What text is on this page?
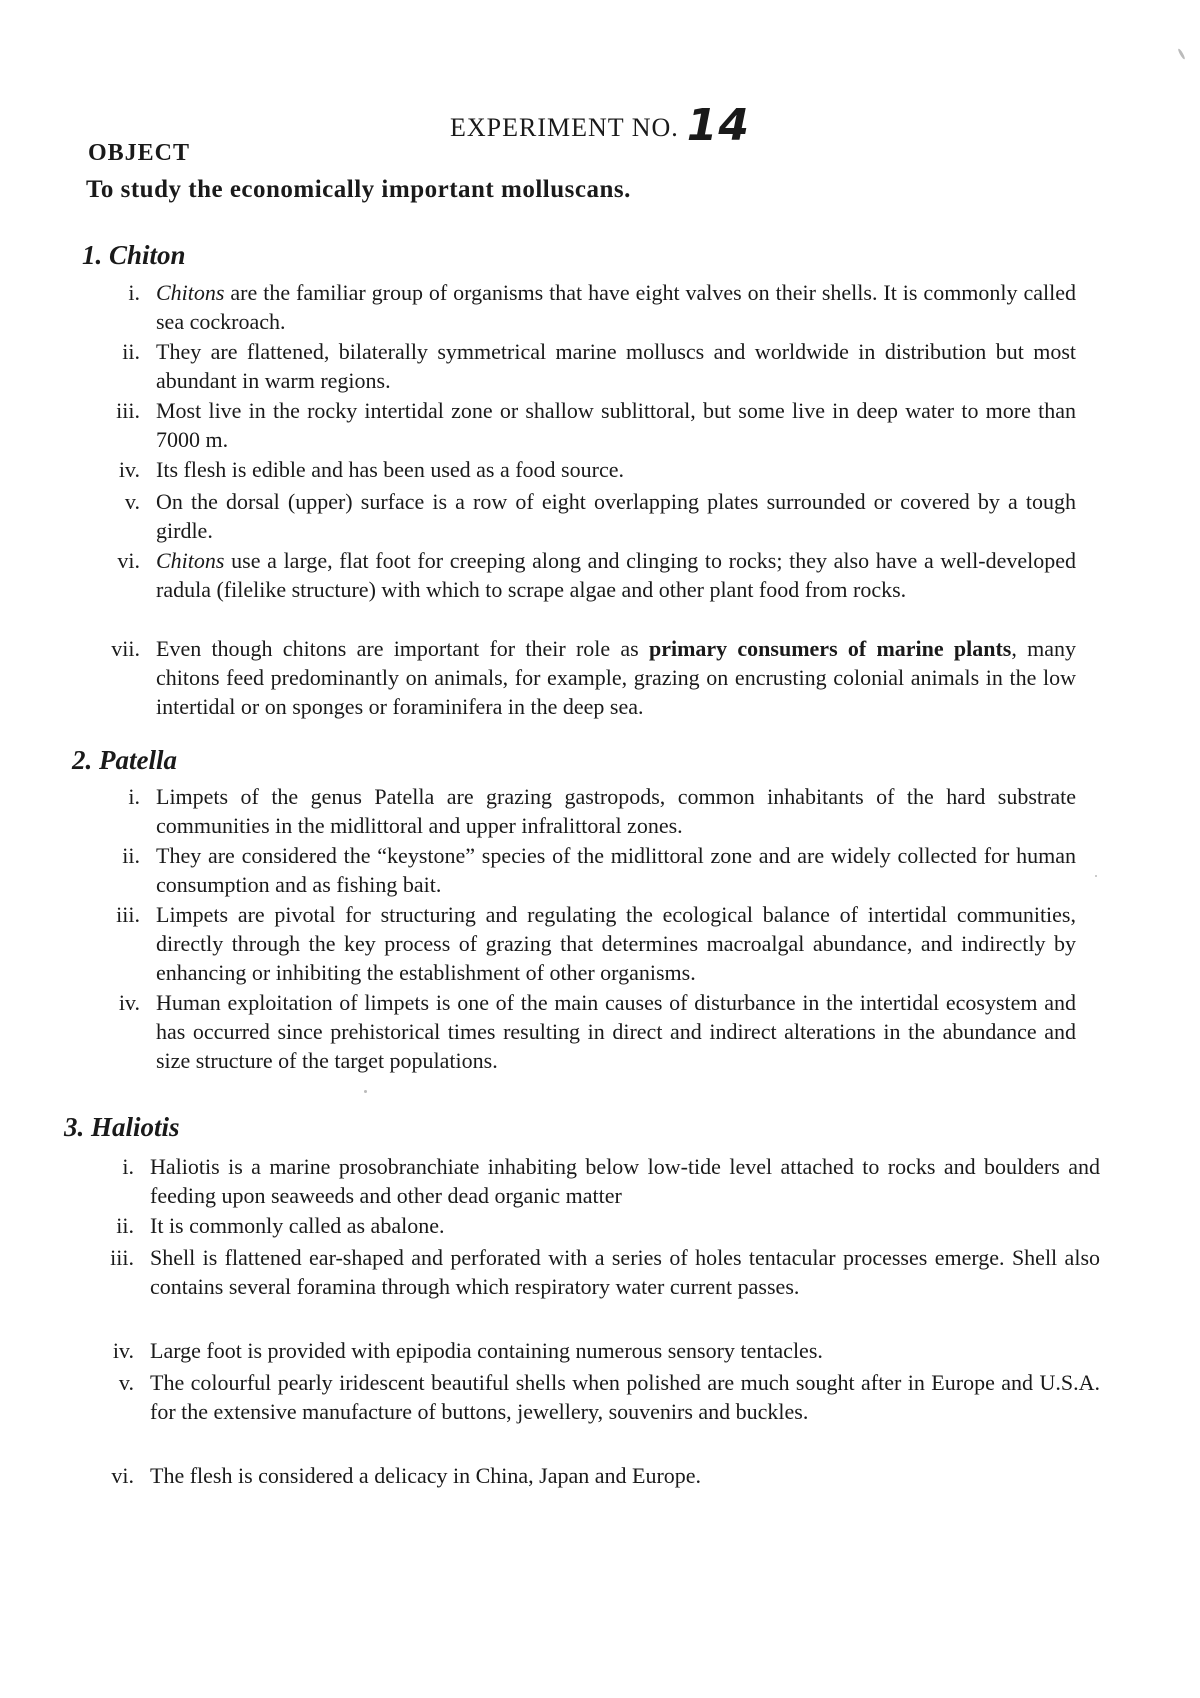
EXPERIMENT NO. 14
OBJECT
To study the economically important molluscans.
1. Chiton
i. Chitons are the familiar group of organisms that have eight valves on their shells. It is commonly called sea cockroach.
ii. They are flattened, bilaterally symmetrical marine molluscs and worldwide in distribution but most abundant in warm regions.
iii. Most live in the rocky intertidal zone or shallow sublittoral, but some live in deep water to more than 7000 m.
iv. Its flesh is edible and has been used as a food source.
v. On the dorsal (upper) surface is a row of eight overlapping plates surrounded or covered by a tough girdle.
vi. Chitons use a large, flat foot for creeping along and clinging to rocks; they also have a well-developed radula (filelike structure) with which to scrape algae and other plant food from rocks.
vii. Even though chitons are important for their role as primary consumers of marine plants, many chitons feed predominantly on animals, for example, grazing on encrusting colonial animals in the low intertidal or on sponges or foraminifera in the deep sea.
2. Patella
i. Limpets of the genus Patella are grazing gastropods, common inhabitants of the hard substrate communities in the midlittoral and upper infralittoral zones.
ii. They are considered the “keystone” species of the midlittoral zone and are widely collected for human consumption and as fishing bait.
iii. Limpets are pivotal for structuring and regulating the ecological balance of intertidal communities, directly through the key process of grazing that determines macroalgal abundance, and indirectly by enhancing or inhibiting the establishment of other organisms.
iv. Human exploitation of limpets is one of the main causes of disturbance in the intertidal ecosystem and has occurred since prehistorical times resulting in direct and indirect alterations in the abundance and size structure of the target populations.
3. Haliotis
i. Haliotis is a marine prosobranchiate inhabiting below low-tide level attached to rocks and boulders and feeding upon seaweeds and other dead organic matter
ii. It is commonly called as abalone.
iii. Shell is flattened ear-shaped and perforated with a series of holes tentacular processes emerge. Shell also contains several foramina through which respiratory water current passes.
iv. Large foot is provided with epipodia containing numerous sensory tentacles.
v. The colourful pearly iridescent beautiful shells when polished are much sought after in Europe and U.S.A. for the extensive manufacture of buttons, jewellery, souvenirs and buckles.
vi. The flesh is considered a delicacy in China, Japan and Europe.
